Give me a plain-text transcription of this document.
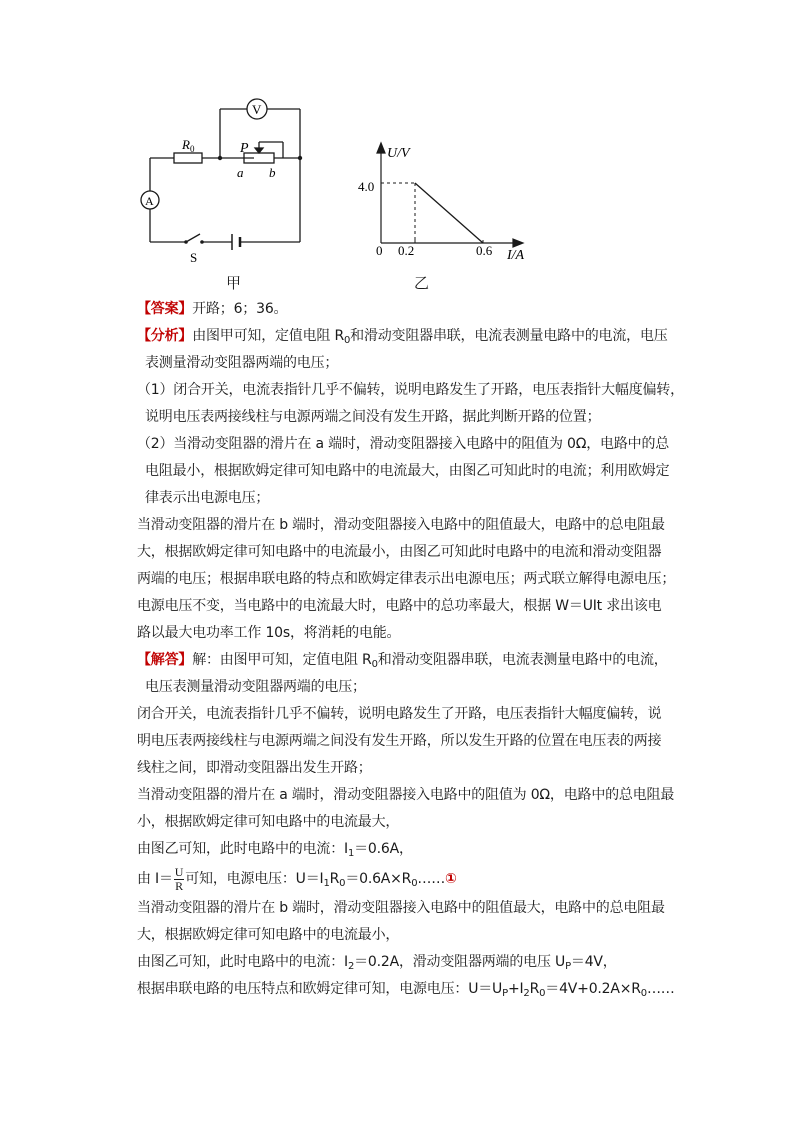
$R_0$	P
a b
V
A
S
甲
U/V
I/A
4.0
0 0.2	0.6
乙
【答案】开路；6；36。
【分析】由图甲可知，定值电阻 $R_0$和滑动变阻器串联，电流表测量电路中的电流，电压
表测量滑动变阻器两端的电压；
（1）闭合开关，电流表指针几乎不偏转，说明电路发生了开路，电压表指针大幅度偏转，
说明电压表两接线柱与电源两端之间没有发生开路，据此判断开路的位置；
（2）当滑动变阻器的滑片在 a 端时，滑动变阻器接入电路中的阻值为 0Ω，电路中的总
电阻最小，根据欧姆定律可知电路中的电流最大，由图乙可知此时的电流；利用欧姆定
律表示出电源电压；
当滑动变阻器的滑片在 b 端时，滑动变阻器接入电路中的阻值最大，电路中的总电阻最
大，根据欧姆定律可知电路中的电流最小，由图乙可知此时电路中的电流和滑动变阻器
两端的电压；根据串联电路的特点和欧姆定律表示出电源电压；两式联立解得电源电压；
电源电压不变，当电路中的电流最大时，电路中的总功率最大，根据 W＝UIt 求出该电
路以最大电功率工作 10s，将消耗的电能。
【解答】解：由图甲可知，定值电阻 $R_0$和滑动变阻器串联，电流表测量电路中的电流，
电压表测量滑动变阻器两端的电压；
闭合开关，电流表指针几乎不偏转，说明电路发生了开路，电压表指针大幅度偏转，说
明电压表两接线柱与电源两端之间没有发生开路，所以发生开路的位置在电压表的两接
线柱之间，即滑动变阻器出发生开路；
当滑动变阻器的滑片在 a 端时，滑动变阻器接入电路中的阻值为 0Ω，电路中的总电阻最
小，根据欧姆定律可知电路中的电流最大，
由图乙可知，此时电路中的电流：$I_1=0.6A$，
由 $I= \frac{U}{R}$ 可知，电源电压：$U=I_1R_0=0.6A\times R_0\dots\dots ①$
当滑动变阻器的滑片在 b 端时，滑动变阻器接入电路中的阻值最大，电路中的总电阻最
大，根据欧姆定律可知电路中的电流最小，
由图乙可知，此时电路中的电流：$I_2=0.2A$，滑动变阻器两端的电压 $U_P=4V$，
根据串联电路的电压特点和欧姆定律可知，电源电压：$U=U_P+I_2R_0=4V+0.2A\times R_0\dots\dots$
